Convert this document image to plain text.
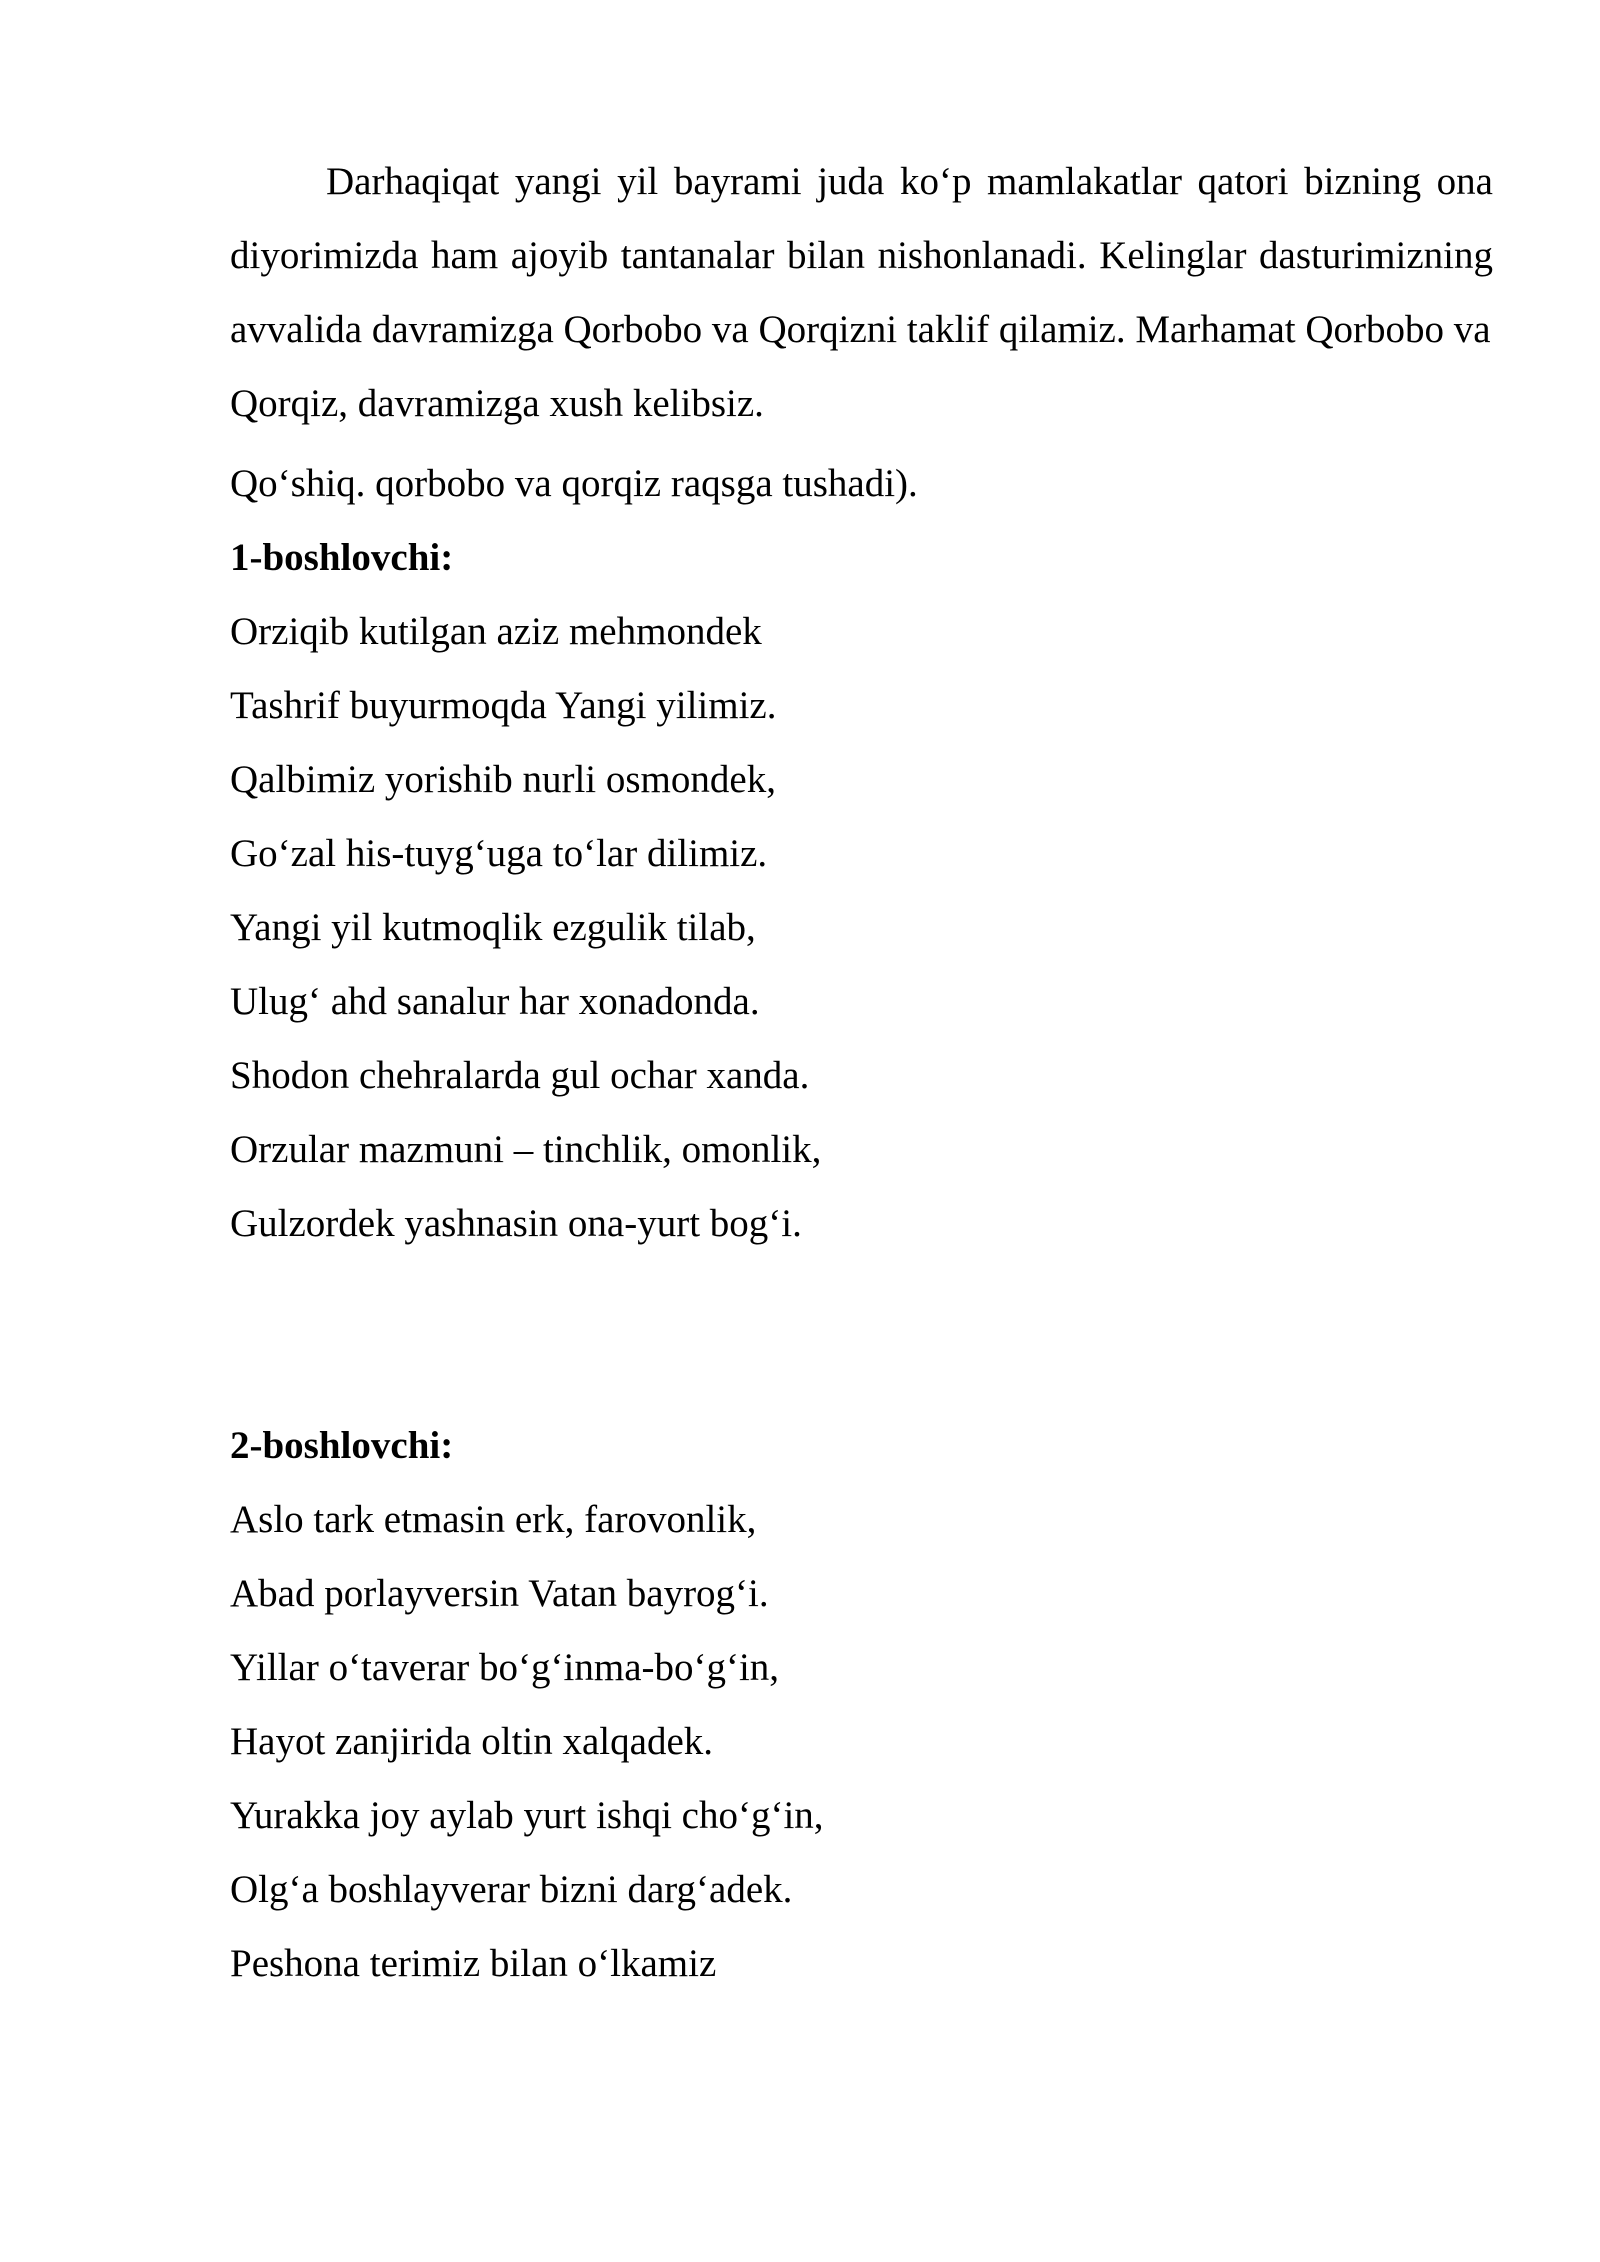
Darhaqiqat yangi yil bayrami juda ko‘p mamlakatlar qatori bizning ona diyorimizda ham ajoyib tantanalar bilan nishonlanadi. Kelinglar dasturimizning avvalida davramizga Qorbobo va Qorqizni taklif qilamiz. Marhamat Qorbobo va

Qorqiz, davramizga xush kelibsiz.

Qo‘shiq. qorbobo va qorqiz raqsga tushadi).

1-boshlovchi:

Orziqib kutilgan aziz mehmondek

Tashrif buyurmoqda Yangi yilimiz.

Qalbimiz yorishib nurli osmondek,

Go‘zal his-tuyg‘uga to‘lar dilimiz.

Yangi yil kutmoqlik ezgulik tilab,

Ulug‘ ahd sanalur har xonadonda.

Shodon chehralarda gul ochar xanda.

Orzular mazmuni – tinchlik, omonlik,

Gulzordek yashnasin ona-yurt bog‘i.

2-boshlovchi:

Aslo tark etmasin erk, farovonlik,

Abad porlayversin Vatan bayrog‘i.

Yillar o‘taverar bo‘g‘inma-bo‘g‘in,

Hayot zanjirida oltin xalqadek.

Yurakka joy aylab yurt ishqi cho‘g‘in,

Olg‘a boshlayverar bizni darg‘adek.

Peshona terimiz bilan o‘lkamiz
